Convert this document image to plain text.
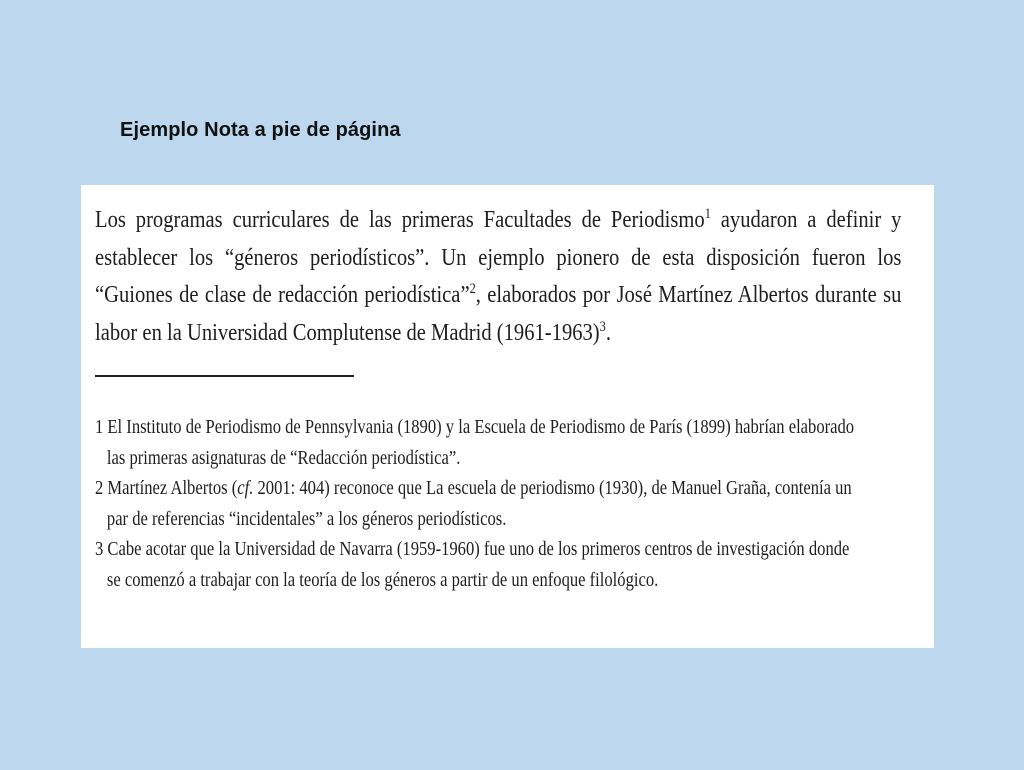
Ejemplo Nota a pie de página
Los programas curriculares de las primeras Facultades de Periodismo$^1$ ayudaron a definir y
establecer los “géneros periodísticos”. Un ejemplo pionero de esta disposición fueron los
“Guiones de clase de redacción periodística”$^2$, elaborados por José Martínez Albertos durante su
labor en la Universidad Complutense de Madrid (1961-1963)$^3$.
1 El Instituto de Periodismo de Pennsylvania (1890) y la Escuela de Periodismo de París (1899) habrían elaborado
las primeras asignaturas de “Redacción periodística”.
2 Martínez Albertos (cf. 2001: 404) reconoce que La escuela de periodismo (1930), de Manuel Graña, contenía un
par de referencias “incidentales” a los géneros periodísticos.
3 Cabe acotar que la Universidad de Navarra (1959-1960) fue uno de los primeros centros de investigación donde
se comenzó a trabajar con la teoría de los géneros a partir de un enfoque filológico.
